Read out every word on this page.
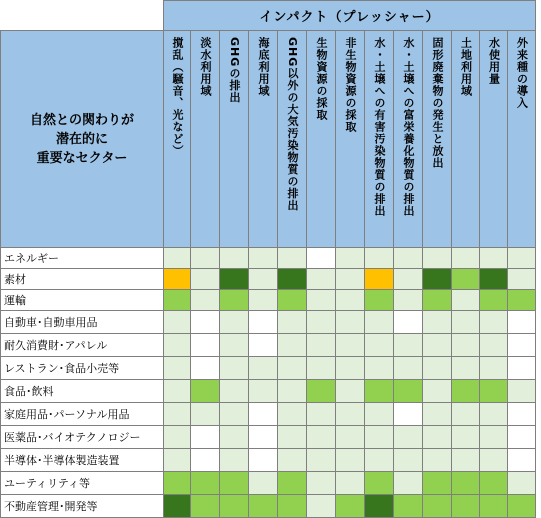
	インパクト（プレッシャー）												

自然との関わりが
潜在的に
重要なセクター	撹乱（騒音、光など）	淡水利用域	GHGの排出	海底利用域	GHG以外の大気汚染物質の排出	生物資源の採取	非生物資源の採取	水・土壌への有害汚染物質の排出	水・土壌への富栄養化物質の排出	固形廃棄物の発生と放出	土地利用域	水使用量	外来種の導入

エネルギー													
素材													
運輸													
自動車･自動車用品													
耐久消費財･アパレル													
レストラン･食品小売等													
食品･飲料													
家庭用品･パーソナル用品													
医薬品･バイオテクノロジー													
半導体･半導体製造装置													
ユーティリティ等													
不動産管理･開発等													
